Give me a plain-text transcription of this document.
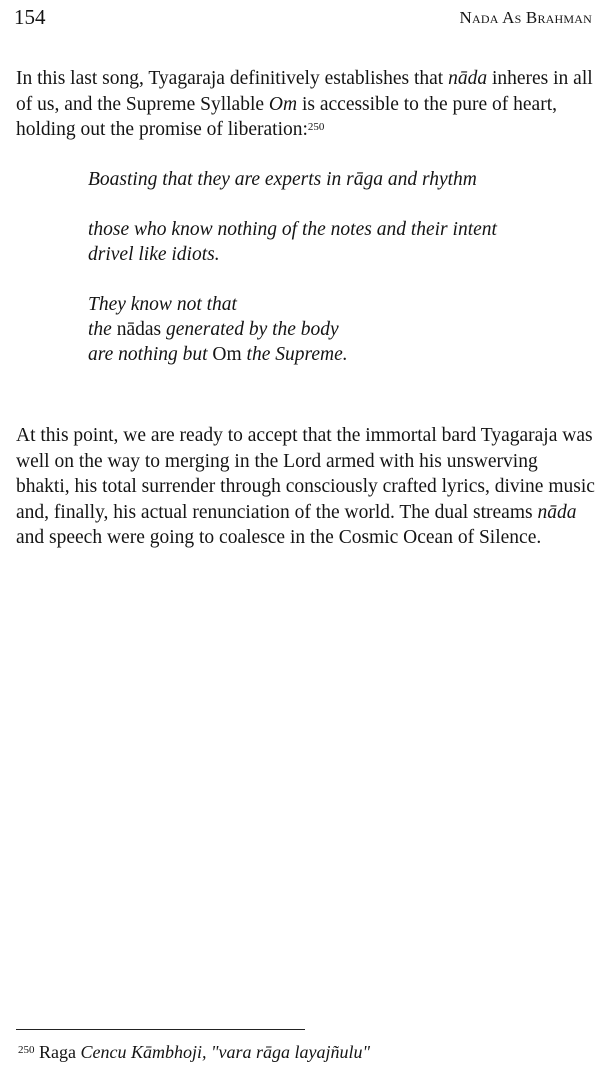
154	Nada As Brahman

In this last song, Tyagaraja definitively establishes that nāda inheres in all of us, and the Supreme Syllable Om is accessible to the pure of heart, holding out the promise of liberation:$^{250}$

Boasting that they are experts in rāga and rhythm
those who know nothing of the notes and their intent
drivel like idiots.
They know not that
the nādas generated by the body
are nothing but Om the Supreme.

At this point, we are ready to accept that the immortal bard Tyagaraja was well on the way to merging in the Lord armed with his unswerving bhakti, his total surrender through consciously crafted lyrics, divine music and, finally, his actual renunciation of the world. The dual streams nāda and speech were going to coalesce in the Cosmic Ocean of Silence.

$^{250}$ Raga Cencu Kāmbhoji, "vara rāga layajñulu"
